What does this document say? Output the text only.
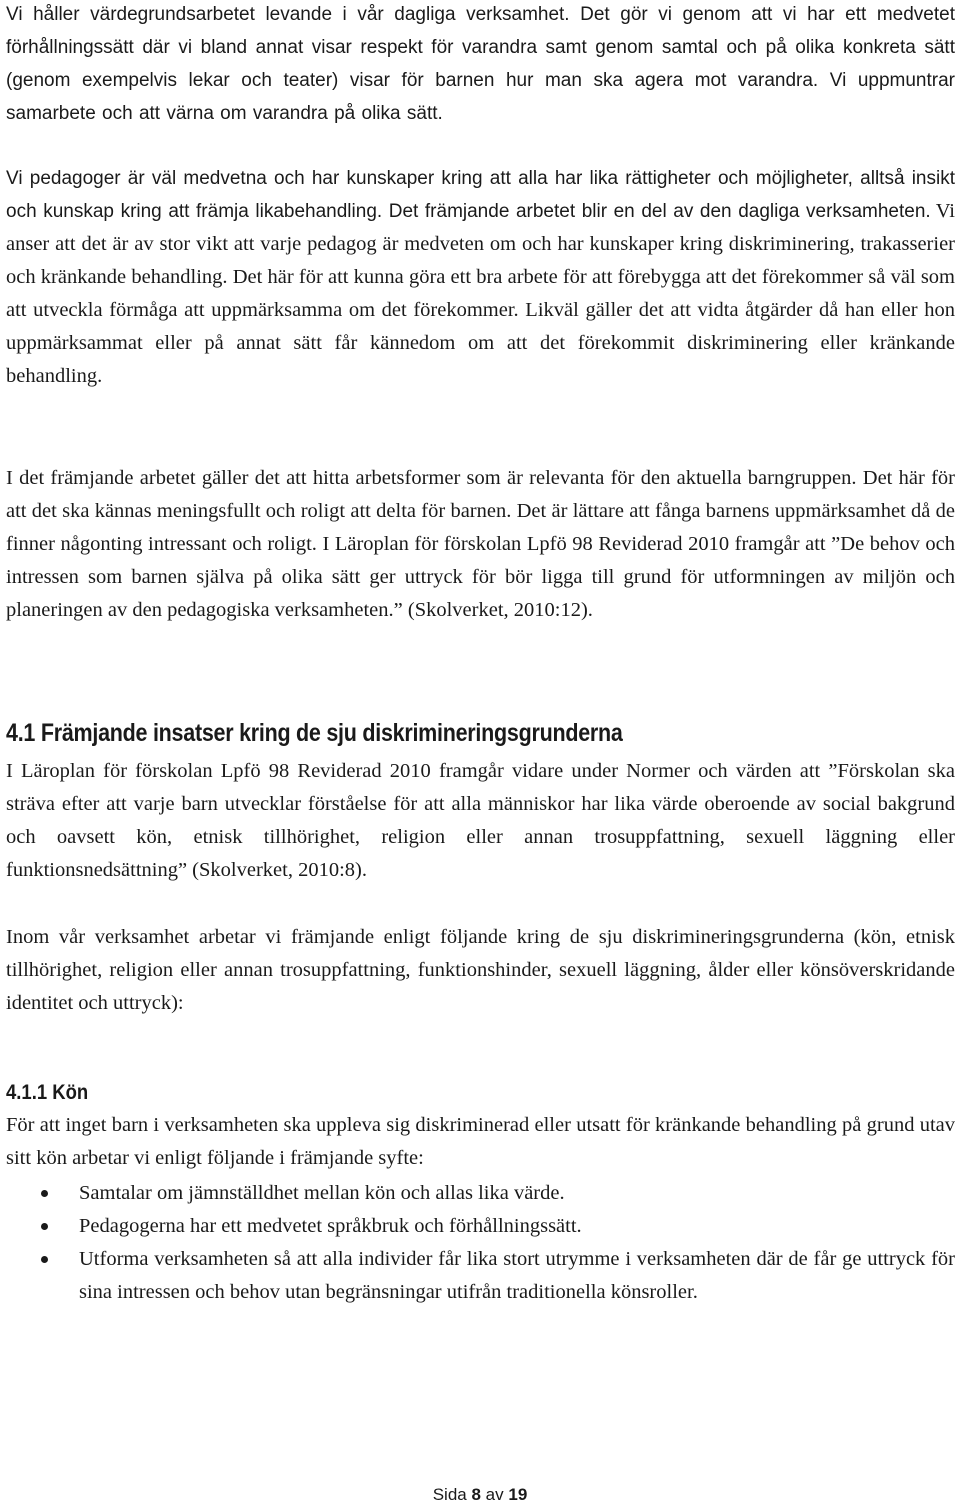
Vi håller värdegrundsarbetet levande i vår dagliga verksamhet. Det gör vi genom att vi har ett medvetet förhållningssätt där vi bland annat visar respekt för varandra samt genom samtal och på olika konkreta sätt (genom exempelvis lekar och teater) visar för barnen hur man ska agera mot varandra. Vi uppmuntrar samarbete och att värna om varandra på olika sätt.

Vi pedagoger är väl medvetna och har kunskaper kring att alla har lika rättigheter och möjligheter, alltså insikt och kunskap kring att främja likabehandling. Det främjande arbetet blir en del av den dagliga verksamheten. Vi anser att det är av stor vikt att varje pedagog är medveten om och har kunskaper kring diskriminering, trakasserier och kränkande behandling. Det här för att kunna göra ett bra arbete för att förebygga att det förekommer så väl som att utveckla förmåga att uppmärksamma om det förekommer. Likväl gäller det att vidta åtgärder då han eller hon uppmärksammat eller på annat sätt får kännedom om att det förekommit diskriminering eller kränkande behandling.

I det främjande arbetet gäller det att hitta arbetsformer som är relevanta för den aktuella barngruppen. Det här för att det ska kännas meningsfullt och roligt att delta för barnen. Det är lättare att fånga barnens uppmärksamhet då de finner någonting intressant och roligt. I Läroplan för förskolan Lpfö 98 Reviderad 2010 framgår att ”De behov och intressen som barnen själva på olika sätt ger uttryck för bör ligga till grund för utformningen av miljön och planeringen av den pedagogiska verksamheten.” (Skolverket, 2010:12).

4.1 Främjande insatser kring de sju diskrimineringsgrunderna

I Läroplan för förskolan Lpfö 98 Reviderad 2010 framgår vidare under Normer och värden att ”Förskolan ska sträva efter att varje barn utvecklar förståelse för att alla människor har lika värde oberoende av social bakgrund och oavsett kön, etnisk tillhörighet, religion eller annan trosuppfattning, sexuell läggning eller funktionsnedsättning” (Skolverket, 2010:8).

Inom vår verksamhet arbetar vi främjande enligt följande kring de sju diskrimineringsgrunderna (kön, etnisk tillhörighet, religion eller annan trosuppfattning, funktionshinder, sexuell läggning, ålder eller könsöverskridande identitet och uttryck):

4.1.1 Kön

För att inget barn i verksamheten ska uppleva sig diskriminerad eller utsatt för kränkande behandling på grund utav sitt kön arbetar vi enligt följande i främjande syfte:

Samtalar om jämnställdhet mellan kön och allas lika värde.
Pedagogerna har ett medvetet språkbruk och förhållningssätt.
Utforma verksamheten så att alla individer får lika stort utrymme i verksamheten där de får ge uttryck för sina intressen och behov utan begränsningar utifrån traditionella könsroller.
Sida 8 av 19
